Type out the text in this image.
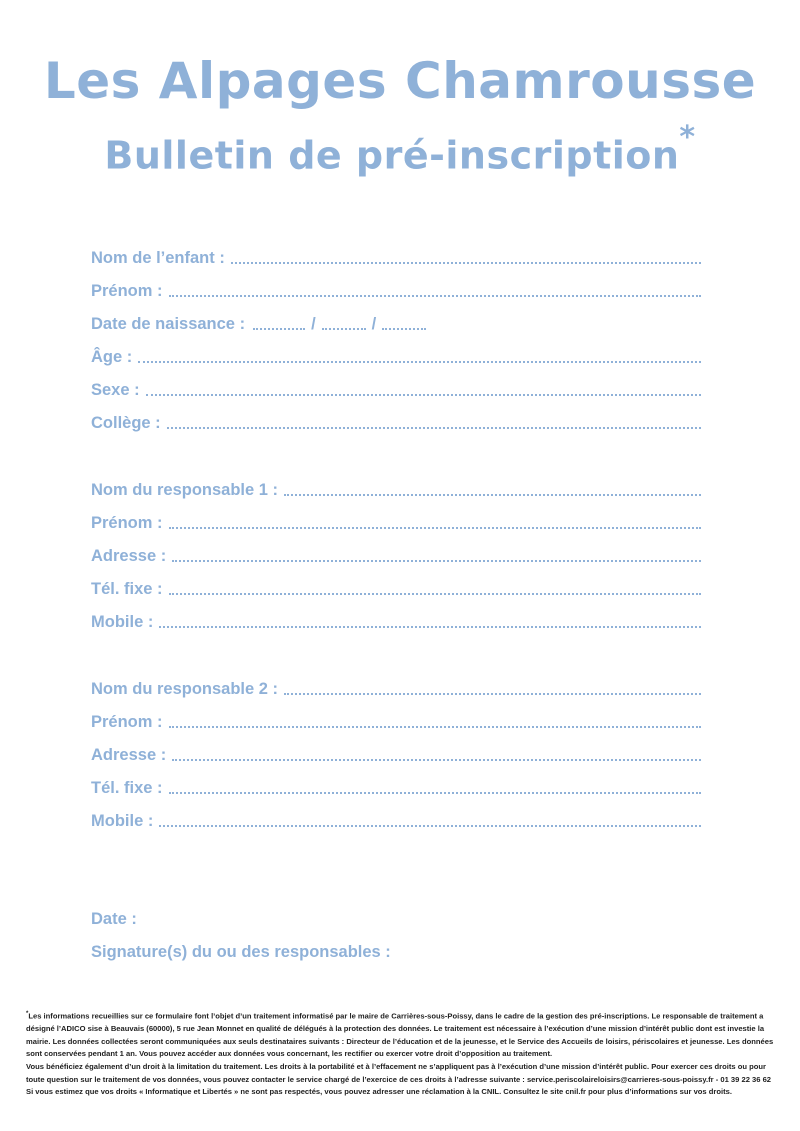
Les Alpages Chamrousse
Bulletin de pré-inscription*
Nom de l’enfant :
Prénom :
Date de naissance :	/	/
Âge :
Sexe :
Collège :
Nom du responsable 1 :
Prénom :
Adresse :
Tél. fixe :
Mobile :
Nom du responsable 2 :
Prénom :
Adresse :
Tél. fixe :
Mobile :
Date :
Signature(s) du ou des responsables :

*Les informations recueillies sur ce formulaire font l’objet d’un traitement informatisé par le maire de Carrières-sous-Poissy, dans le cadre de la gestion des pré-inscriptions. Le responsable de traitement a désigné l’ADICO sise à Beauvais (60000), 5 rue Jean Monnet en qualité de délégués à la protection des données. Le traitement est nécessaire à l’exécution d’une mission d’intérêt public dont est investie la mairie. Les données collectées seront communiquées aux seuls destinataires suivants : Directeur de l’éducation et de la jeunesse, et le Service des Accueils de loisirs, périscolaires et jeunesse. Les données sont conservées pendant 1 an. Vous pouvez accéder aux données vous concernant, les rectifier ou exercer votre droit d’opposition au traitement.

Vous bénéficiez également d’un droit à la limitation du traitement. Les droits à la portabilité et à l’effacement ne s’appliquent pas à l’exécution d’une mission d’intérêt public. Pour exercer ces droits ou pour toute question sur le traitement de vos données, vous pouvez contacter le service chargé de l’exercice de ces droits à l’adresse suivante : service.periscolaireloisirs@carrieres-sous-poissy.fr - 01 39 22 36 62

Si vous estimez que vos droits « Informatique et Libertés » ne sont pas respectés, vous pouvez adresser une réclamation à la CNIL. Consultez le site cnil.fr pour plus d’informations sur vos droits.
